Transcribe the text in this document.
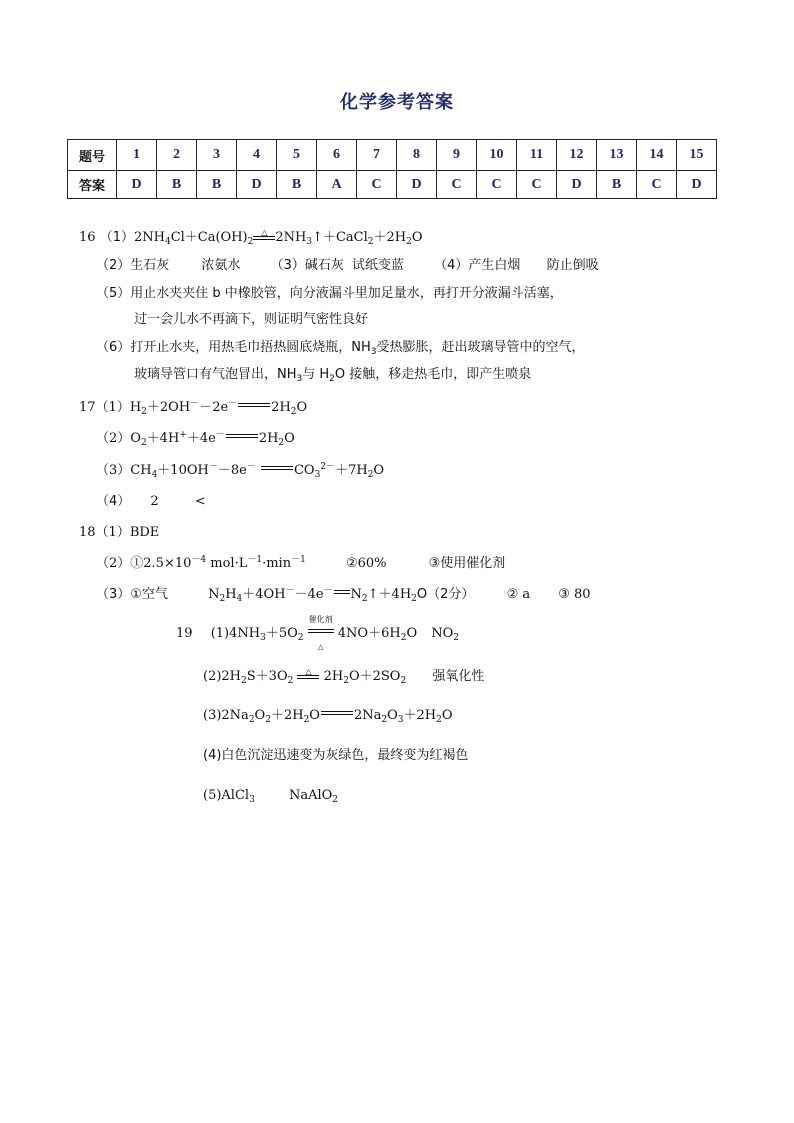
化学参考答案
题号	1	2	3	4	5	6	7	8	9	10	11	12	13	14	15
答案	D	B	B	D	B	A	C	D	C	C	C	D	B	C	D
16 $(1)2NH_4Cl+Ca(OH)_2$
△ $2NH_3↑+CaCl_2+2H_2O$
（2）生石灰 浓氨水 （3）碱石灰 试纸变蓝 （4）产生白烟 防止倒吸
（5）用止水夹夹住 b 中橡胶管，向分液漏斗里加足量水，再打开分液漏斗活塞，
过一会儿水不再滴下，则证明气密性良好
（6）打开止水夹，用热毛巾捂热圆底烧瓶，$NH_3$受热膨胀，赶出玻璃导管中的空气，
玻璃导管口有气泡冒出，$NH_3$与 $H_2O$ 接触，移走热毛巾，即产生喷泉
$17(1)H_2+2OH^--2e^-$	$2H_2O$
$(2)O_2+4H^++4e^-$	$2H_2O$
$(3)CH_4+10OH^--8e^-$	$CO_3^{2-}+7H_2O$
（4） 2	<
18（1）BDE
$(2)①2.5\times 10^{-4}$ $mol\cdot L^{-1}\cdot\min^{-1}$	②60%	③使用催化剂
（3）①空气	$N_2H_4+4OH^--4e^-$ $N_2↑+4H_2O(2$分） ② a ③ 80
19 $(1)4NH_3+5O_2$
催化剂
△
$4NO+6H_2O$ $NO_2$
$(2)2H_2S+3O_2$
△ $2H_2O+2SO_2$ 强氧化性
$(3)2Na_2O_2+2H_2O$	$2Na_2O_3+2H_2O$
(4)白色沉淀迅速变为灰绿色，最终变为红褐色
(5)AlCl$_3$	NaAlO$_2$
